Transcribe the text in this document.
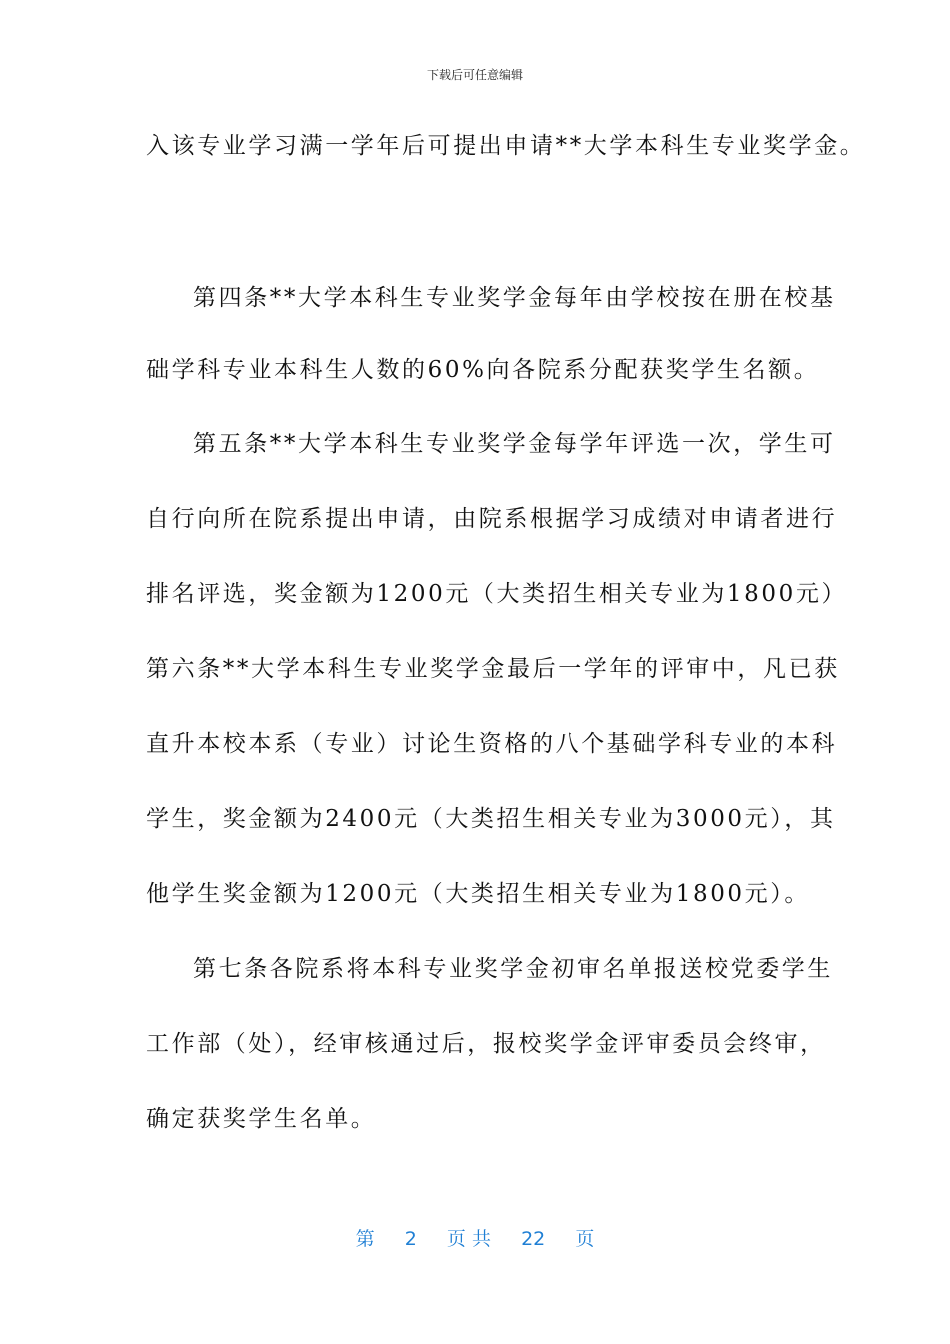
下载后可任意编辑
入该专业学习满一学年后可提出申请**大学本科生专业奖学金。
第四条**大学本科生专业奖学金每年由学校按在册在校基
础学科专业本科生人数的60%向各院系分配获奖学生名额。
第五条**大学本科生专业奖学金每学年评选一次，学生可
自行向所在院系提出申请，由院系根据学习成绩对申请者进行
排名评选，奖金额为1200元（大类招生相关专业为1800元）
第六条**大学本科生专业奖学金最后一学年的评审中，凡已获
直升本校本系（专业）讨论生资格的八个基础学科专业的本科
学生，奖金额为2400元（大类招生相关专业为3000元），其
他学生奖金额为1200元（大类招生相关专业为1800元）。
第七条各院系将本科专业奖学金初审名单报送校党委学生
工作部（处），经审核通过后，报校奖学金评审委员会终审，
确定获奖学生名单。
第 2 页 共 22 页
